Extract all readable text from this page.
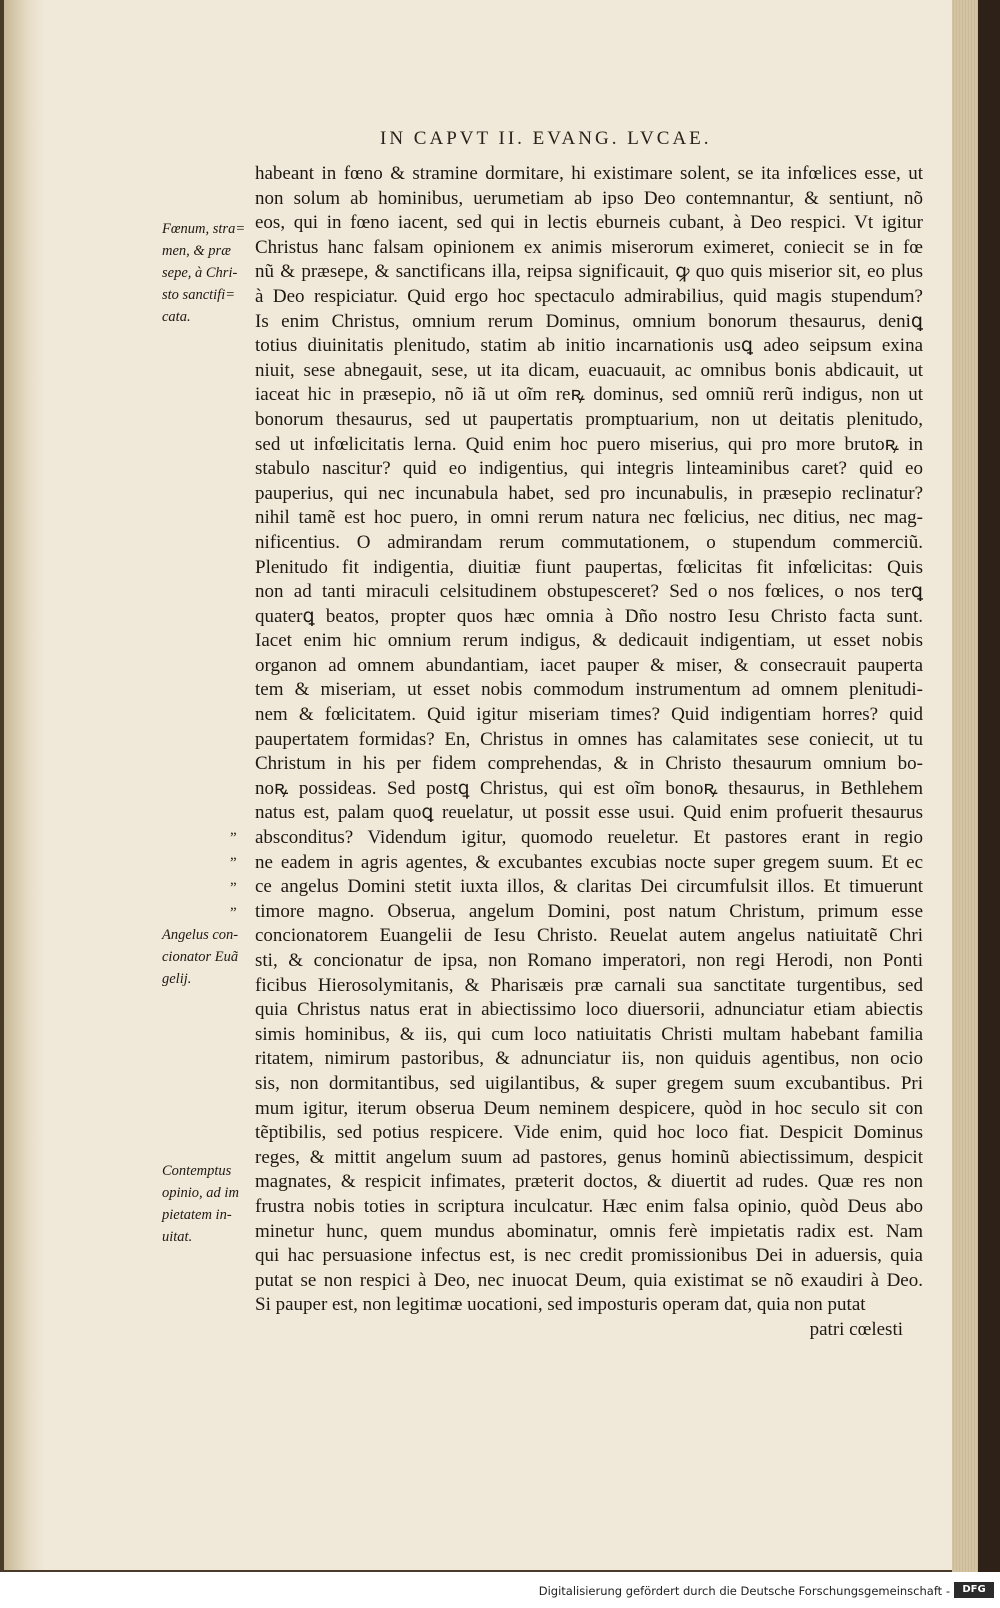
IN CAPVT II. EVANG. LVCAE.
habeant in fœno & stramine dormitare, hi existimare solent, se ita infœlices esse, ut
non solum ab hominibus, uerumetiam ab ipso Deo contemnantur, & sentiunt, nõ
eos, qui in fœno iacent, sed qui in lectis eburneis cubant, à Deo respici. Vt igitur
Christus hanc falsam opinionem ex animis miserorum eximeret, coniecit se in fœ
nũ & præsepe, & sanctificans illa, reipsa significauit, ꝙ quo quis miserior sit, eo plus
à Deo respiciatur. Quid ergo hoc spectaculo admirabilius, quid magis stupendum?
Is enim Christus, omnium rerum Dominus, omnium bonorum thesaurus, deniꝗ
totius diuinitatis plenitudo, statim ab initio incarnationis usꝗ adeo seipsum exina
niuit, sese abnegauit, sese, ut ita dicam, euacuauit, ac omnibus bonis abdicauit, ut
iaceat hic in præsepio, nõ iã ut oĩm reꝶ dominus, sed omniũ rerũ indigus, non ut
bonorum thesaurus, sed ut paupertatis promptuarium, non ut deitatis plenitudo,
sed ut infœlicitatis lerna. Quid enim hoc puero miserius, qui pro more brutoꝶ in
stabulo nascitur? quid eo indigentius, qui integris linteaminibus caret? quid eo
pauperius, qui nec incunabula habet, sed pro incunabulis, in præsepio reclinatur?
nihil tamẽ est hoc puero, in omni rerum natura nec fœlicius, nec ditius, nec mag-
nificentius. O admirandam rerum commutationem, o stupendum commerciũ.
Plenitudo fit indigentia, diuitiæ fiunt paupertas, fœlicitas fit infœlicitas: Quis
non ad tanti miraculi celsitudinem obstupesceret? Sed o nos fœlices, o nos terꝗ
quaterꝗ beatos, propter quos hæc omnia à Dño nostro Iesu Christo facta sunt.
Iacet enim hic omnium rerum indigus, & dedicauit indigentiam, ut esset nobis
organon ad omnem abundantiam, iacet pauper & miser, & consecrauit pauperta
tem & miseriam, ut esset nobis commodum instrumentum ad omnem plenitudi-
nem & fœlicitatem. Quid igitur miseriam times? Quid indigentiam horres? quid
paupertatem formidas? En, Christus in omnes has calamitates sese coniecit, ut tu
Christum in his per fidem comprehendas, & in Christo thesaurum omnium bo-
noꝶ possideas. Sed postꝗ Christus, qui est oĩm bonoꝶ thesaurus, in Bethlehem
natus est, palam quoꝗ reuelatur, ut possit esse usui. Quid enim profuerit thesaurus
absconditus? Videndum igitur, quomodo reueletur. Et pastores erant in regio
ne eadem in agris agentes, & excubantes excubias nocte super gregem suum. Et ec
ce angelus Domini stetit iuxta illos, & claritas Dei circumfulsit illos. Et timuerunt
timore magno. Obserua, angelum Domini, post natum Christum, primum esse
concionatorem Euangelii de Iesu Christo. Reuelat autem angelus natiuitatẽ Chri
sti, & concionatur de ipsa, non Romano imperatori, non regi Herodi, non Ponti
ficibus Hierosolymitanis, & Pharisæis præ carnali sua sanctitate turgentibus, sed
quia Christus natus erat in abiectissimo loco diuersorii, adnunciatur etiam abiectis
simis hominibus, & iis, qui cum loco natiuitatis Christi multam habebant familia
ritatem, nimirum pastoribus, & adnunciatur iis, non quiduis agentibus, non ocio
sis, non dormitantibus, sed uigilantibus, & super gregem suum excubantibus. Pri
mum igitur, iterum obserua Deum neminem despicere, quòd in hoc seculo sit con
tẽptibilis, sed potius respicere. Vide enim, quid hoc loco fiat. Despicit Dominus
reges, & mittit angelum suum ad pastores, genus hominũ abiectissimum, despicit
magnates, & respicit infimates, præterit doctos, & diuertit ad rudes. Quæ res non
frustra nobis toties in scriptura inculcatur. Hæc enim falsa opinio, quòd Deus abo
minetur hunc, quem mundus abominatur, omnis ferè impietatis radix est. Nam
qui hac persuasione infectus est, is nec credit promissionibus Dei in aduersis, quia
putat se non respici à Deo, nec inuocat Deum, quia existimat se nõ exaudiri à Deo.
Si pauper est, non legitimæ uocationi, sed imposturis operam dat, quia non putat
patri cœlesti
Fœnum, stra=
men, & præ
sepe, à Chri-
sto sanctifi=
cata.
Angelus con-
cionator Euã
gelij.
Contemptus
opinio, ad im
pietatem in-
uitat.
„
„
„
„
Digitalisierung gefördert durch die Deutsche Forschungsgemeinschaft -	DFG
